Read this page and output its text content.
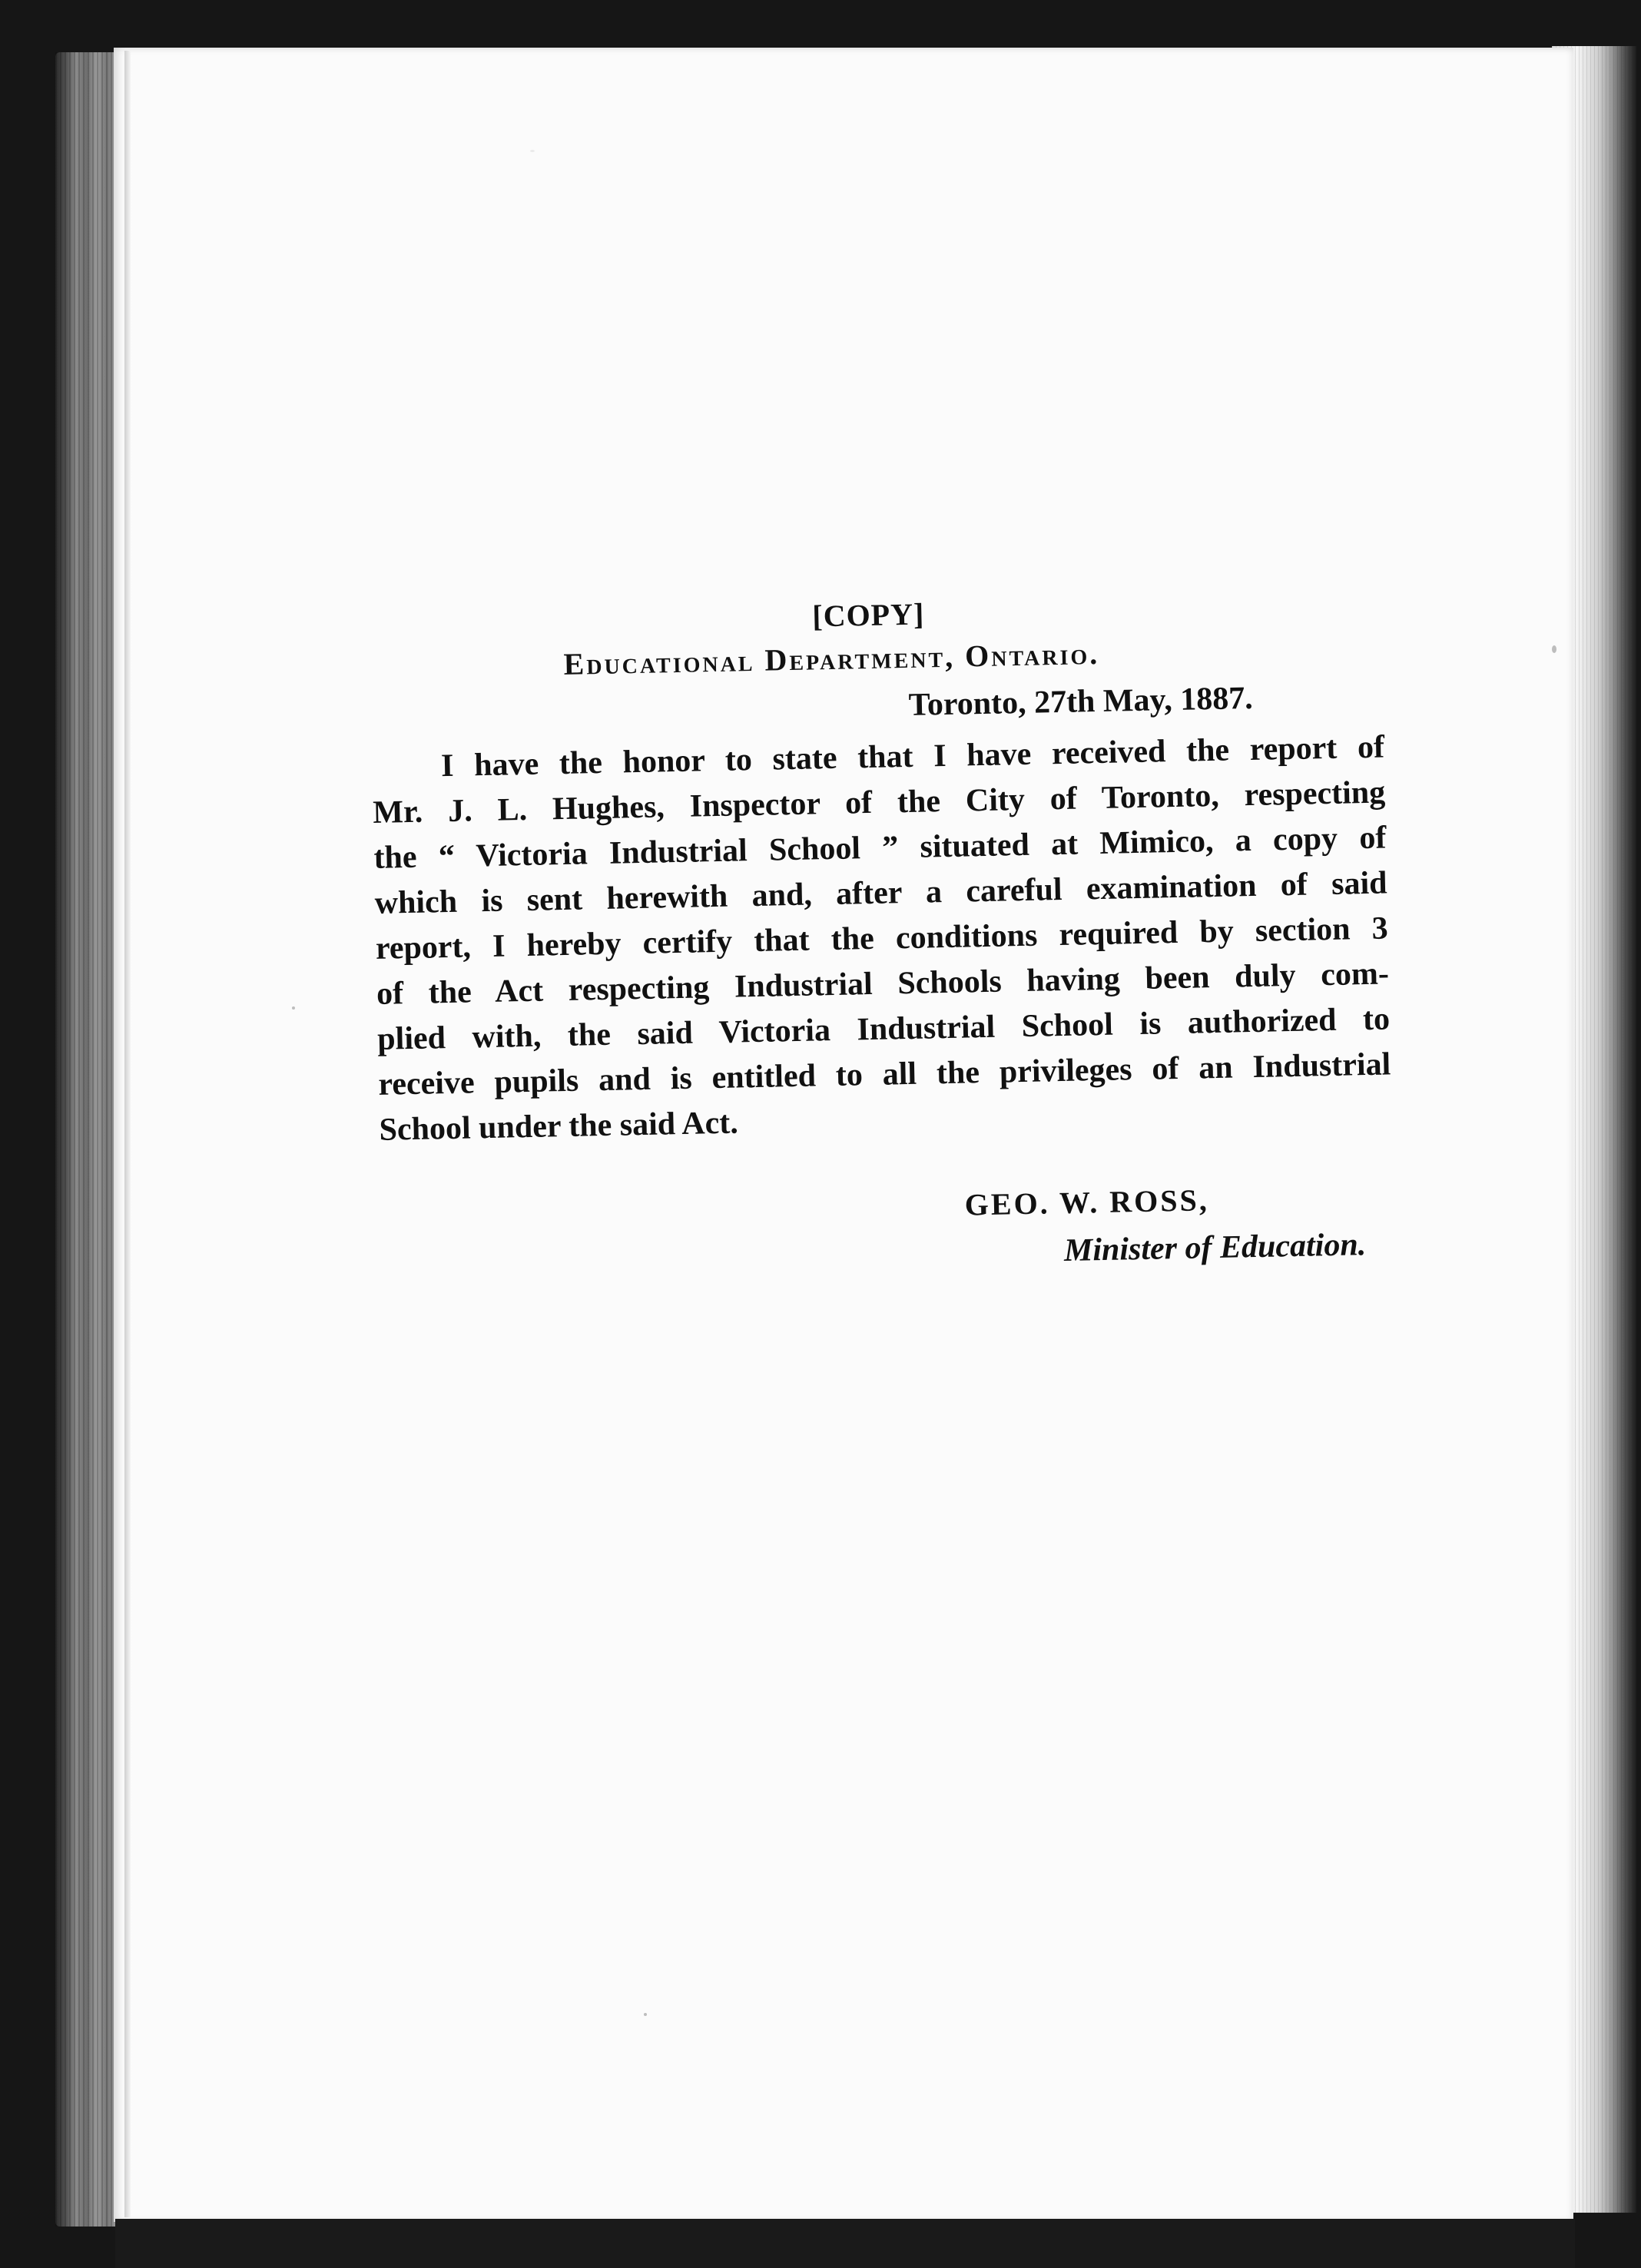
[COPY]
Educational Department, Ontario.
Toronto, 27th May, 1887.
I have the honor to state that I have received the report of
Mr. J. L. Hughes, Inspector of the City of Toronto, respecting
the “ Victoria Industrial School ” situated at Mimico, a copy of
which is sent herewith and, after a careful examination of said
report, I hereby certify that the conditions required by section 3
of the Act respecting Industrial Schools having been duly com-
plied with, the said Victoria Industrial School is authorized to
receive pupils and is entitled to all the privileges of an Industrial
School under the said Act.
GEO. W. ROSS,
Minister of Education.
